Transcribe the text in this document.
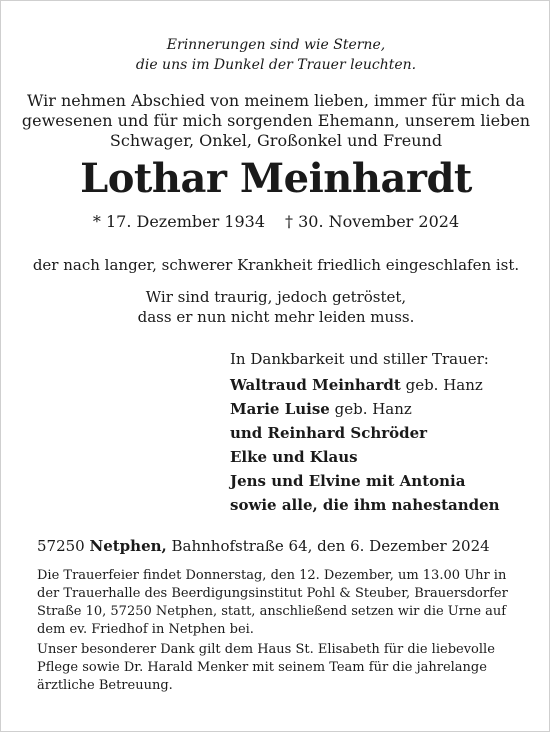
Erinnerungen sind wie Sterne,
die uns im Dunkel der Trauer leuchten.
Wir nehmen Abschied von meinem lieben, immer für mich da
gewesenen und für mich sorgenden Ehemann, unserem lieben
Schwager, Onkel, Großonkel und Freund
Lothar Meinhardt
* 17. Dezember 1934 † 30. November 2024
der nach langer, schwerer Krankheit friedlich eingeschlafen ist.
Wir sind traurig, jedoch getröstet,
dass er nun nicht mehr leiden muss.
In Dankbarkeit und stiller Trauer:
Waltraud Meinhardt geb. Hanz
Marie Luise geb. Hanz
und Reinhard Schröder
Elke und Klaus
Jens und Elvine mit Antonia
sowie alle, die ihm nahestanden
57250 Netphen, Bahnhofstraße 64, den 6. Dezember 2024
Die Trauerfeier findet Donnerstag, den 12. Dezember, um 13.00 Uhr in
der Trauerhalle des Beerdigungsinstitut Pohl & Steuber, Brauersdorfer
Straße 10, 57250 Netphen, statt, anschließend setzen wir die Urne auf
dem ev. Friedhof in Netphen bei.
Unser besonderer Dank gilt dem Haus St. Elisabeth für die liebevolle
Pflege sowie Dr. Harald Menker mit seinem Team für die jahrelange
ärztliche Betreuung.
